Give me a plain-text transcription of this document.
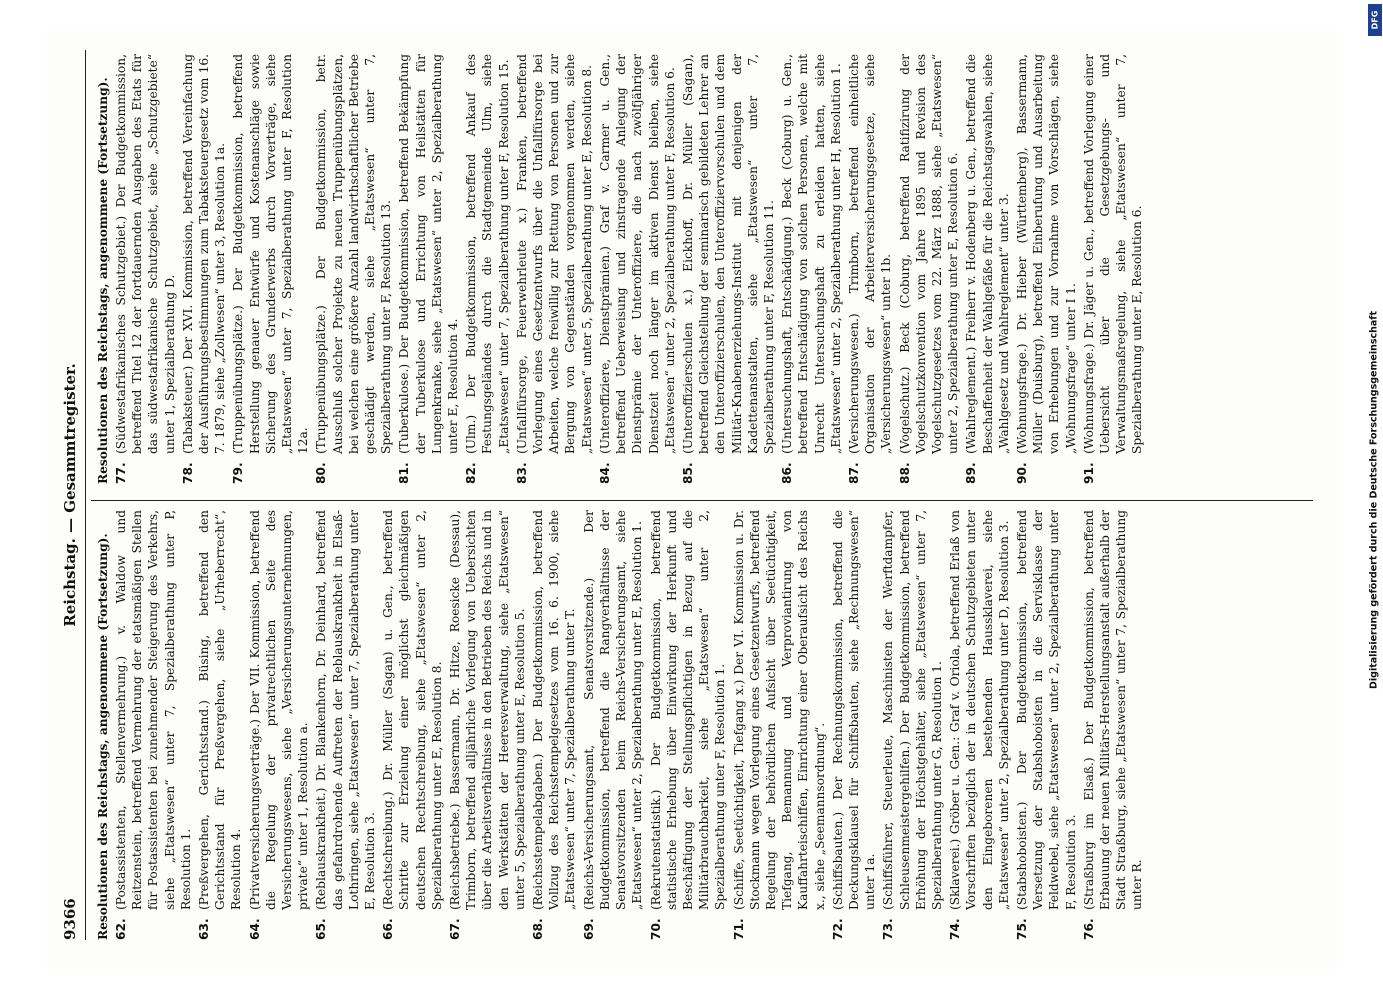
9366
Reichstag. — Gesammtregister.
Resolutionen des Reichstags, angenommene (Fortsetzung). 62.
(Postassistenten, Stellenvermehrung.) v. Waldow und Reitzenstein, betreffend Vermehrung der etatsmäßigen Stellen für Postassistenten bei zunehmender Steigerung des Verkehrs, siehe „Etatswesen“ unter 7, Spezialberathung unter P, Resolution 1.
63.
(Preßvergehen, Gerichtsstand.) Büsing, betreffend den Gerichtsstand für Preßvergehen, siehe „Urheberrecht“, Resolution 4.
64.
(Privatversicherungsverträge.) Der VII. Kommission, betreffend die Regelung der privatrechtlichen Seite des Versicherungswesens, siehe „Versicherungsunternehmungen, private“ unter 1, Resolution a.
65.
(Reblauskrankheit.) Dr. Blankenhorn, Dr. Deinhard, betreffend das gefahrdrohende Auftreten der Reblauskrankheit in Elsaß-Lothringen, siehe „Etatswesen“ unter 7, Spezialberathung unter E, Resolution 3.
66.
(Rechtschreibung.) Dr. Müller (Sagan) u. Gen., betreffend Schritte zur Erzielung einer möglichst gleichmäßigen deutschen Rechtschreibung, siehe „Etatswesen“ unter 2, Spezialberathung unter E, Resolution 8.
67.
(Reichsbetriebe.) Bassermann, Dr. Hitze, Roesicke (Dessau), Trimborn, betreffend alljährliche Vorlegung von Uebersichten über die Arbeitsverhältnisse in den Betrieben des Reichs und in den Werkstätten der Heeresverwaltung, siehe „Etatswesen“ unter 5, Spezialberathung unter E, Resolution 5.
68.
(Reichsstempelabgaben.) Der Budgetkommission, betreffend Vollzug des Reichsstempelgesetzes vom 16. 6. 1900, siehe „Etatswesen“ unter 7, Spezialberathung unter T.
69.
(Reichs-Versicherungsamt, Senatsvorsitzende.) Der Budgetkommission, betreffend die Rangverhältnisse der Senatsvorsitzenden beim Reichs-Versicherungsamt, siehe „Etatswesen“ unter 2, Spezialberathung unter E, Resolution 1.
70.
(Rekrutenstatistik.) Der Budgetkommission, betreffend statistische Erhebung über Einwirkung der Herkunft und Beschäftigung der Stellungspflichtigen in Bezug auf die Militärbrauchbarkeit, siehe „Etatswesen“ unter 2, Spezialberathung unter F, Resolution 1.
71.
(Schiffe, Seetüchtigkeit, Tiefgang x.) Der VI. Kommission u. Dr. Stockmann wegen Vorlegung eines Gesetzentwurfs, betreffend Regelung der behördlichen Aufsicht über Seetüchtigkeit, Tiefgang, Bemannung und Verproviantirung von Kauffahrteischiffen, Einrichtung einer Oberaufsicht des Reichs x., siehe „Seemannsordnung“.
72.
(Schiffsbauten.) Der Rechnungskommission, betreffend die Deckungsklausel für Schiffsbauten, siehe „Rechnungswesen“ unter 1a.
73.
(Schiffsführer, Steuerleute, Maschinisten der Werftdampfer, Schleusenmeistergehilfen.) Der Budgetkommission, betreffend Erhöhung der Höchstgehälter, siehe „Etatswesen“ unter 7, Spezialberathung unter G, Resolution 1.
74.
(Sklaverei.) Gröber u. Gen.: Graf v. Oriola, betreffend Erlaß von Vorschriften bezüglich der in deutschen Schutzgebieten unter den Eingeborenen bestehenden Haussklaverei, siehe „Etatswesen“ unter 2, Spezialberathung unter D, Resolution 3.
75.
(Stabshoboisten.) Der Budgetkommission, betreffend Versetzung der Stabshoboisten in die Servisklasse der Feldwebel, siehe „Etatswesen“ unter 2, Spezialberathung unter F, Resolution 3.
76.
(Straßburg im Elsaß.) Der Budgetkommission, betreffend Erbauung der neuen Militärs-Herstellungsanstalt außerhalb der Stadt Straßburg, siehe „Etatswesen“ unter 7, Spezialberathung unter R.
Resolutionen des Reichstags, angenommene (Fortsetzung). 77.
(Südwestafrikanisches Schutzgebiet.) Der Budgetkommission, betreffend Titel 12 der fortdauernden Ausgaben des Etats für das südwestafrikanische Schutzgebiet, siehe „Schutzgebiete“ unter 1, Spezialberathung D.
78.
(Tabaksteuer.) Der XVI. Kommission, betreffend Vereinfachung der Ausführungsbestimmungen zum Tabaksteuergesetz vom 16. 7. 1879, siehe „Zollwesen“ unter 3, Resolution 1a.
79.
(Truppenübungsplätze.) Der Budgetkommission, betreffend Herstellung genauer Entwürfe und Kostenanschläge sowie Sicherung des Grunderwerbs durch Vorverträge, siehe „Etatswesen“ unter 7, Spezialberathung unter F, Resolution 12a.
80.
(Truppenübungsplätze.) Der Budgetkommission, betr. Ausschluß solcher Projekte zu neuen Truppenübungsplätzen, bei welchen eine größere Anzahl landwirthschaftlicher Betriebe geschädigt werden, siehe „Etatswesen“ unter 7, Spezialberathung unter F, Resolution 13.
81.
(Tuberkulose.) Der Budgetkommission, betreffend Bekämpfung der Tuberkulose und Errichtung von Heilstätten für Lungenkranke, siehe „Etatswesen“ unter 2, Spezialberathung unter E, Resolution 4.
82.
(Ulm.) Der Budgetkommission, betreffend Ankauf des Festungsgeländes durch die Stadtgemeinde Ulm, siehe „Etatswesen“ unter 7, Spezialberathung unter F, Resolution 15.
83.
(Unfallfürsorge, Feuerwehrleute x.) Franken, betreffend Vorlegung eines Gesetzentwurfs über die Unfallfürsorge bei Arbeiten, welche freiwillig zur Rettung von Personen und zur Bergung von Gegenständen vorgenommen werden, siehe „Etatswesen“ unter 5, Spezialberathung unter E, Resolution 8.
84.
(Unteroffiziere, Dienstprämien.) Graf v. Carmer u. Gen., betreffend Ueberweisung und zinstragende Anlegung der Dienstprämie der Unteroffiziere, die nach zwölfjähriger Dienstzeit noch länger im aktiven Dienst bleiben, siehe „Etatswesen“ unter 2, Spezialberathung unter F, Resolution 6.
85.
(Unteroffizierschulen x.) Eickhoff, Dr. Müller (Sagan), betreffend Gleichstellung der seminarisch gebildeten Lehrer an den Unteroffizierschulen, den Unteroffiziervorschulen und dem Militär-Knabenerziehungs-Institut mit denjenigen der Kadettenanstalten, siehe „Etatswesen“ unter 7, Spezialberathung unter F, Resolution 11.
86.
(Untersuchungshaft, Entschädigung.) Beck (Coburg) u. Gen., betreffend Entschädigung von solchen Personen, welche mit Unrecht Untersuchungshaft zu erleiden hatten, siehe „Etatswesen“ unter 2, Spezialberathung unter H, Resolution 1.
87.
(Versicherungswesen.) Trimborn, betreffend einheitliche Organisation der Arbeiterversicherungsgesetze, siehe „Versicherungswesen“ unter 1b.
88.
(Vogelschutz.) Beck (Coburg, betreffend Ratifizirung der Vogelschutzkonvention vom Jahre 1895 und Revision des Vogelschutzgesetzes vom 22. März 1888, siehe „Etatswesen“ unter 2, Spezialberathung unter E, Resolution 6.
89.
(Wahlreglement.) Freiherr v. Hodenberg u. Gen., betreffend die Beschaffenheit der Wahlgefäße für die Reichstagswahlen, siehe „Wahlgesetz und Wahlreglement“ unter 3.
90.
(Wohnungsfrage.) Dr. Hieber (Württemberg), Bassermann, Müller (Duisburg), betreffend Einberufung und Ausarbeitung von Erhebungen und zur Vornahme von Vorschlägen, siehe „Wohnungsfrage“ unter I 1.
91.
(Wohnungsfrage.) Dr. Jäger u. Gen., betreffend Vorlegung einer Uebersicht über die Gesetzgebungs- und Verwaltungsmaßregelung, siehe „Etatswesen“ unter 7, Spezialberathung unter E, Resolution 6.	Digitalisierung gefördert durch die Deutsche Forschungsgemeinschaft
DFG
